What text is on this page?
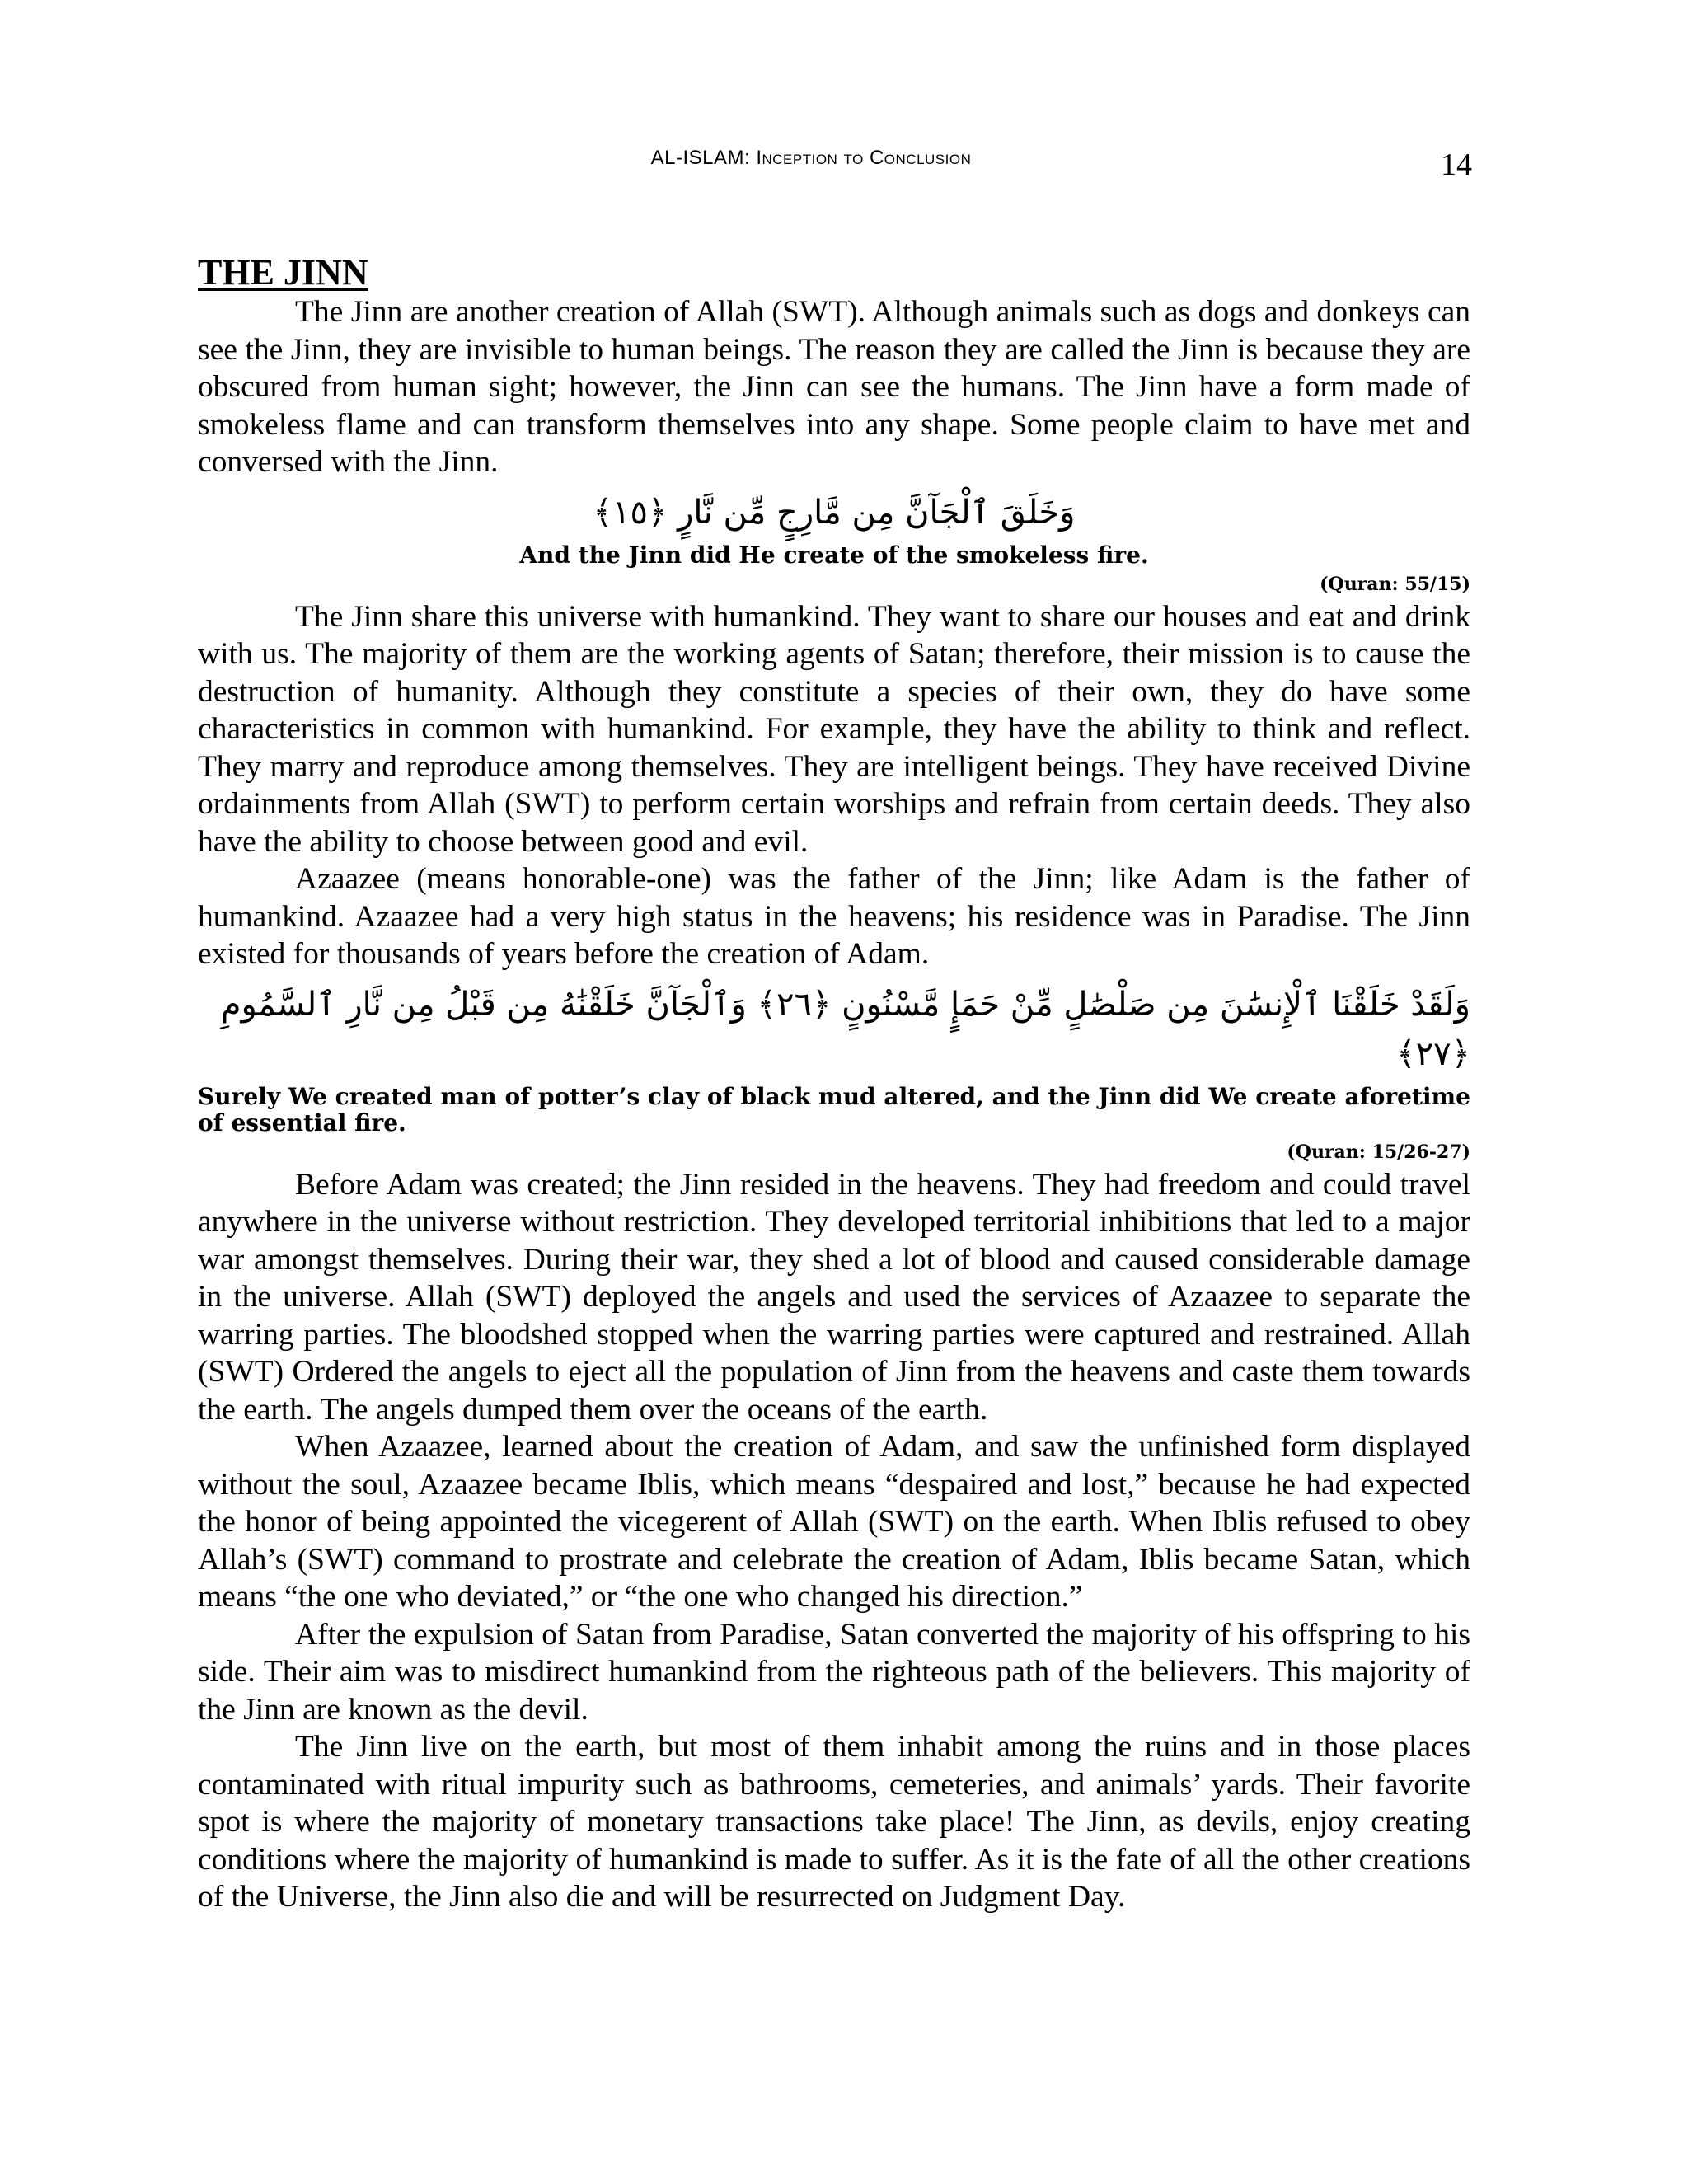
AL-ISLAM: Inception to Conclusion	14
THE JINN

The Jinn are another creation of Allah (SWT). Although animals such as dogs and donkeys can see the Jinn, they are invisible to human beings. The reason they are called the Jinn is because they are obscured from human sight; however, the Jinn can see the humans. The Jinn have a form made of smokeless flame and can transform themselves into any shape. Some people claim to have met and conversed with the Jinn.

وَخَلَقَ ٱلْجَآنَّ مِن مَّارِجٍ مِّن نَّارٍ ﴿١٥﴾

And the Jinn did He create of the smokeless fire.

(Quran: 55/15)

The Jinn share this universe with humankind. They want to share our houses and eat and drink with us. The majority of them are the working agents of Satan; therefore, their mission is to cause the destruction of humanity. Although they constitute a species of their own, they do have some characteristics in common with humankind. For example, they have the ability to think and reflect. They marry and reproduce among themselves. They are intelligent beings. They have received Divine ordainments from Allah (SWT) to perform certain worships and refrain from certain deeds. They also have the ability to choose between good and evil.

Azaazee (means honorable-one) was the father of the Jinn; like Adam is the father of humankind. Azaazee had a very high status in the heavens; his residence was in Paradise. The Jinn existed for thousands of years before the creation of Adam.

وَلَقَدْ خَلَقْنَا ٱلْإِنسَٰنَ مِن صَلْصَٰلٍ مِّنْ حَمَإٍ مَّسْنُونٍ ﴿٢٦﴾ وَٱلْجَآنَّ خَلَقْنَٰهُ مِن قَبْلُ مِن نَّارِ ٱلسَّمُومِ ﴿٢٧﴾

Surely We created man of potter’s clay of black mud altered, and the Jinn did We create aforetime of essential fire.

(Quran: 15/26-27)

Before Adam was created; the Jinn resided in the heavens. They had freedom and could travel anywhere in the universe without restriction. They developed territorial inhibitions that led to a major war amongst themselves. During their war, they shed a lot of blood and caused considerable damage in the universe. Allah (SWT) deployed the angels and used the services of Azaazee to separate the warring parties. The bloodshed stopped when the warring parties were captured and restrained. Allah (SWT) Ordered the angels to eject all the population of Jinn from the heavens and caste them towards the earth. The angels dumped them over the oceans of the earth.

When Azaazee, learned about the creation of Adam, and saw the unfinished form displayed without the soul, Azaazee became Iblis, which means “despaired and lost,” because he had expected the honor of being appointed the vicegerent of Allah (SWT) on the earth. When Iblis refused to obey Allah’s (SWT) command to prostrate and celebrate the creation of Adam, Iblis became Satan, which means “the one who deviated,” or “the one who changed his direction.”

After the expulsion of Satan from Paradise, Satan converted the majority of his offspring to his side. Their aim was to misdirect humankind from the righteous path of the believers. This majority of the Jinn are known as the devil.

The Jinn live on the earth, but most of them inhabit among the ruins and in those places contaminated with ritual impurity such as bathrooms, cemeteries, and animals’ yards. Their favorite spot is where the majority of monetary transactions take place! The Jinn, as devils, enjoy creating conditions where the majority of humankind is made to suffer. As it is the fate of all the other creations of the Universe, the Jinn also die and will be resurrected on Judgment Day.
